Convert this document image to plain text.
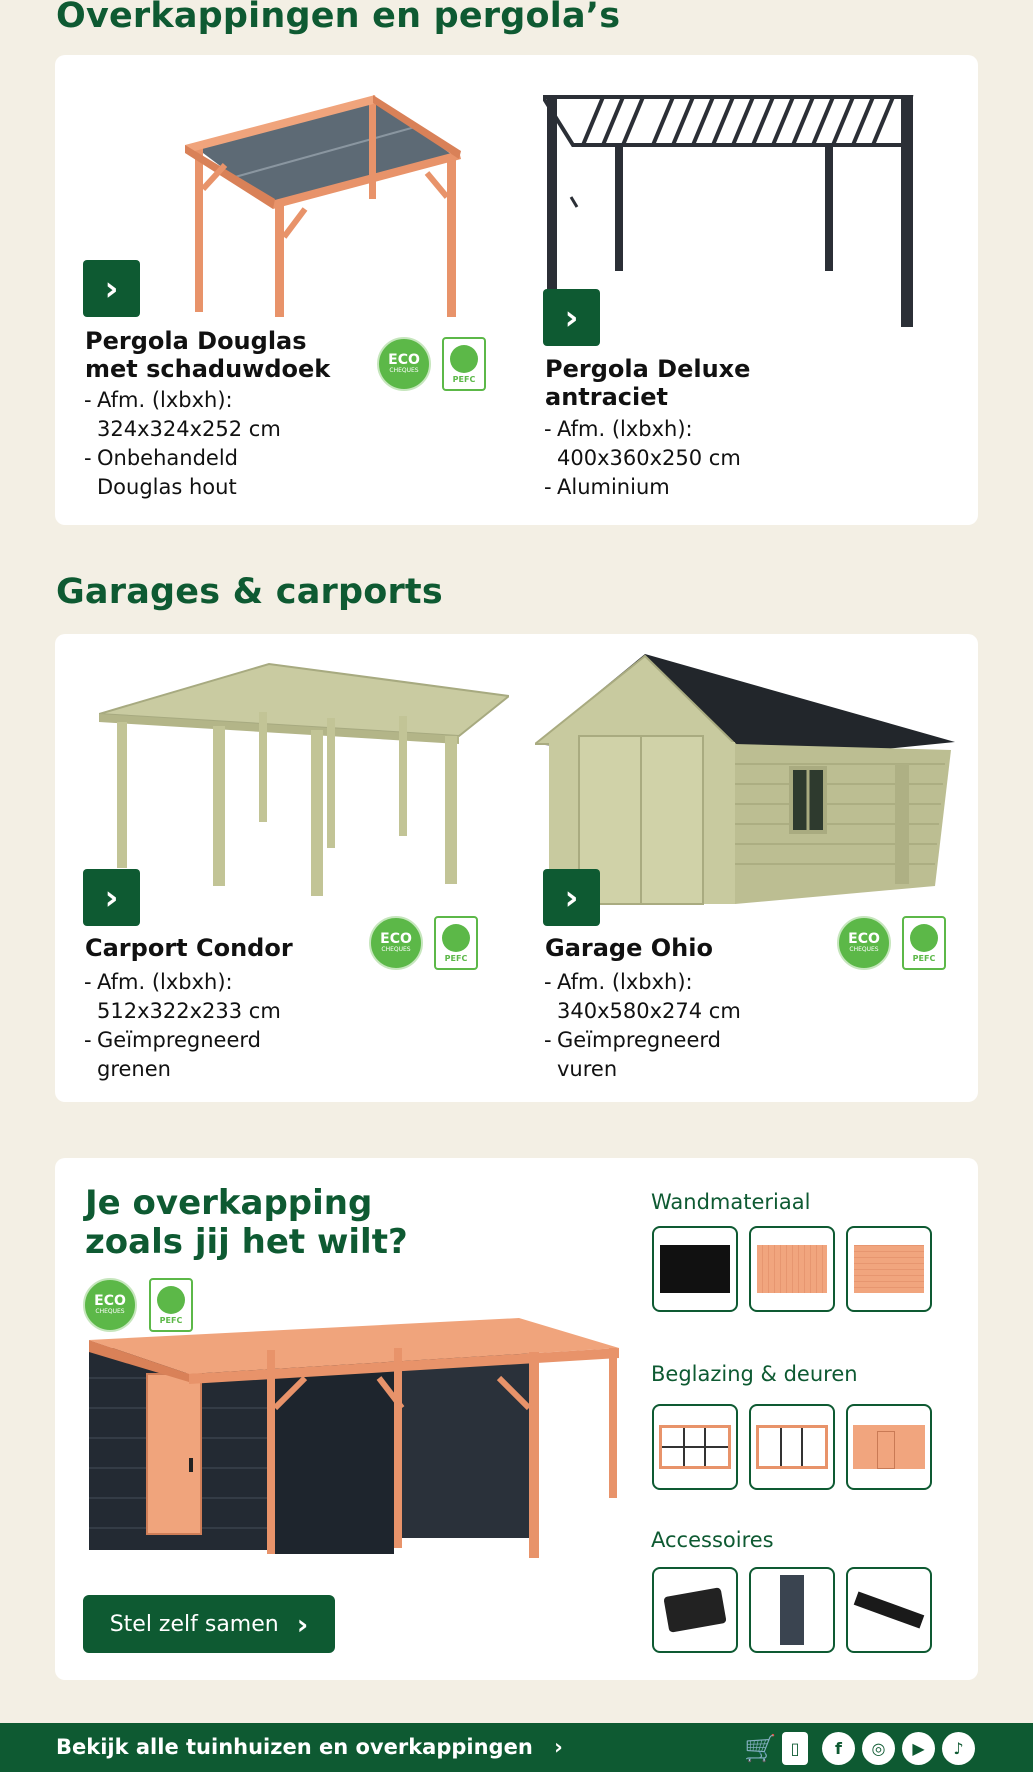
Overkappingen en pergola’s
›
Pergola Douglas
met schaduwdoek
- Afm. (lxbxh):
324x324x252 cm
- Onbehandeld
Douglas hout
ECO
CHEQUES
PEFC
›
Pergola Deluxe
antraciet
- Afm. (lxbxh):
400x360x250 cm
- Aluminium
Garages & carports
›
Carport Condor
- Afm. (lxbxh):
512x322x233 cm
- Geïmpregneerd
grenen
ECO
CHEQUES
PEFC
›
Garage Ohio
- Afm. (lxbxh):
340x580x274 cm
- Geïmpregneerd
vuren
ECO
CHEQUES
PEFC
Je overkapping
zoals jij het wilt?
ECO
CHEQUES
PEFC
Stel zelf samen ›

Wandmateriaal

Beglazing & deuren

Accessoires

Bekijk alle tuinhuizen en overkappingen ›	🛒 ▯	f	◎	▶	♪
